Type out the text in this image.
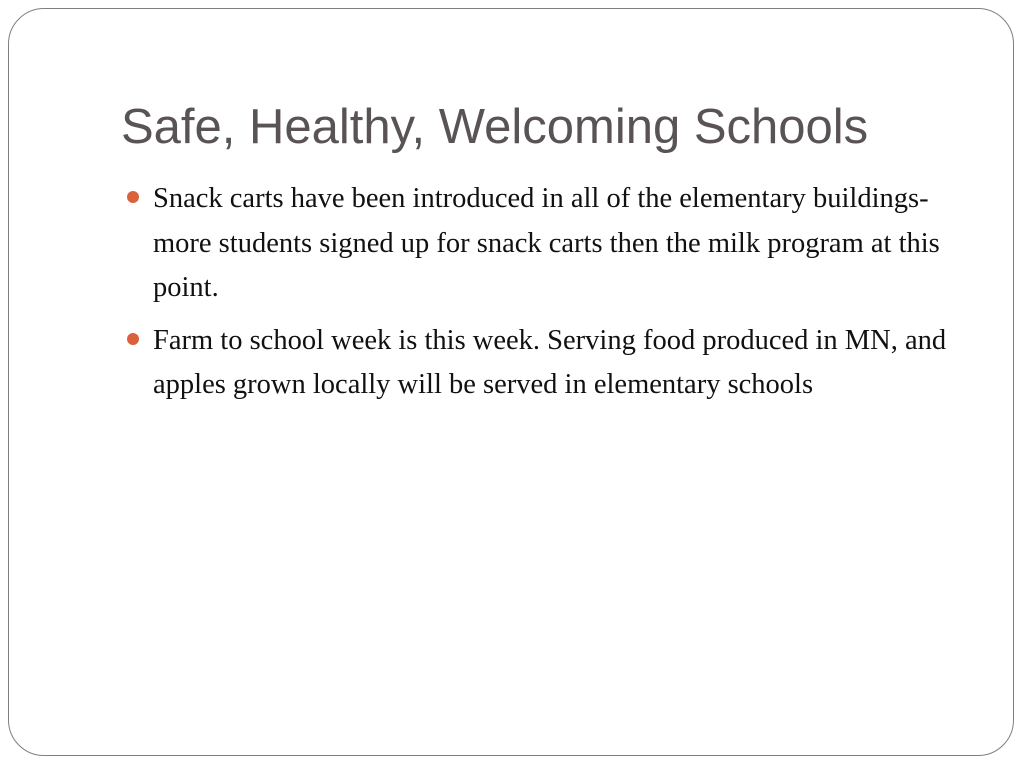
Safe, Healthy, Welcoming Schools
Snack carts have been introduced in all of the elementary buildings- more students signed up for snack carts then the milk program at this point.
Farm to school week is this week. Serving food produced in MN, and apples grown locally will be served in elementary schools
